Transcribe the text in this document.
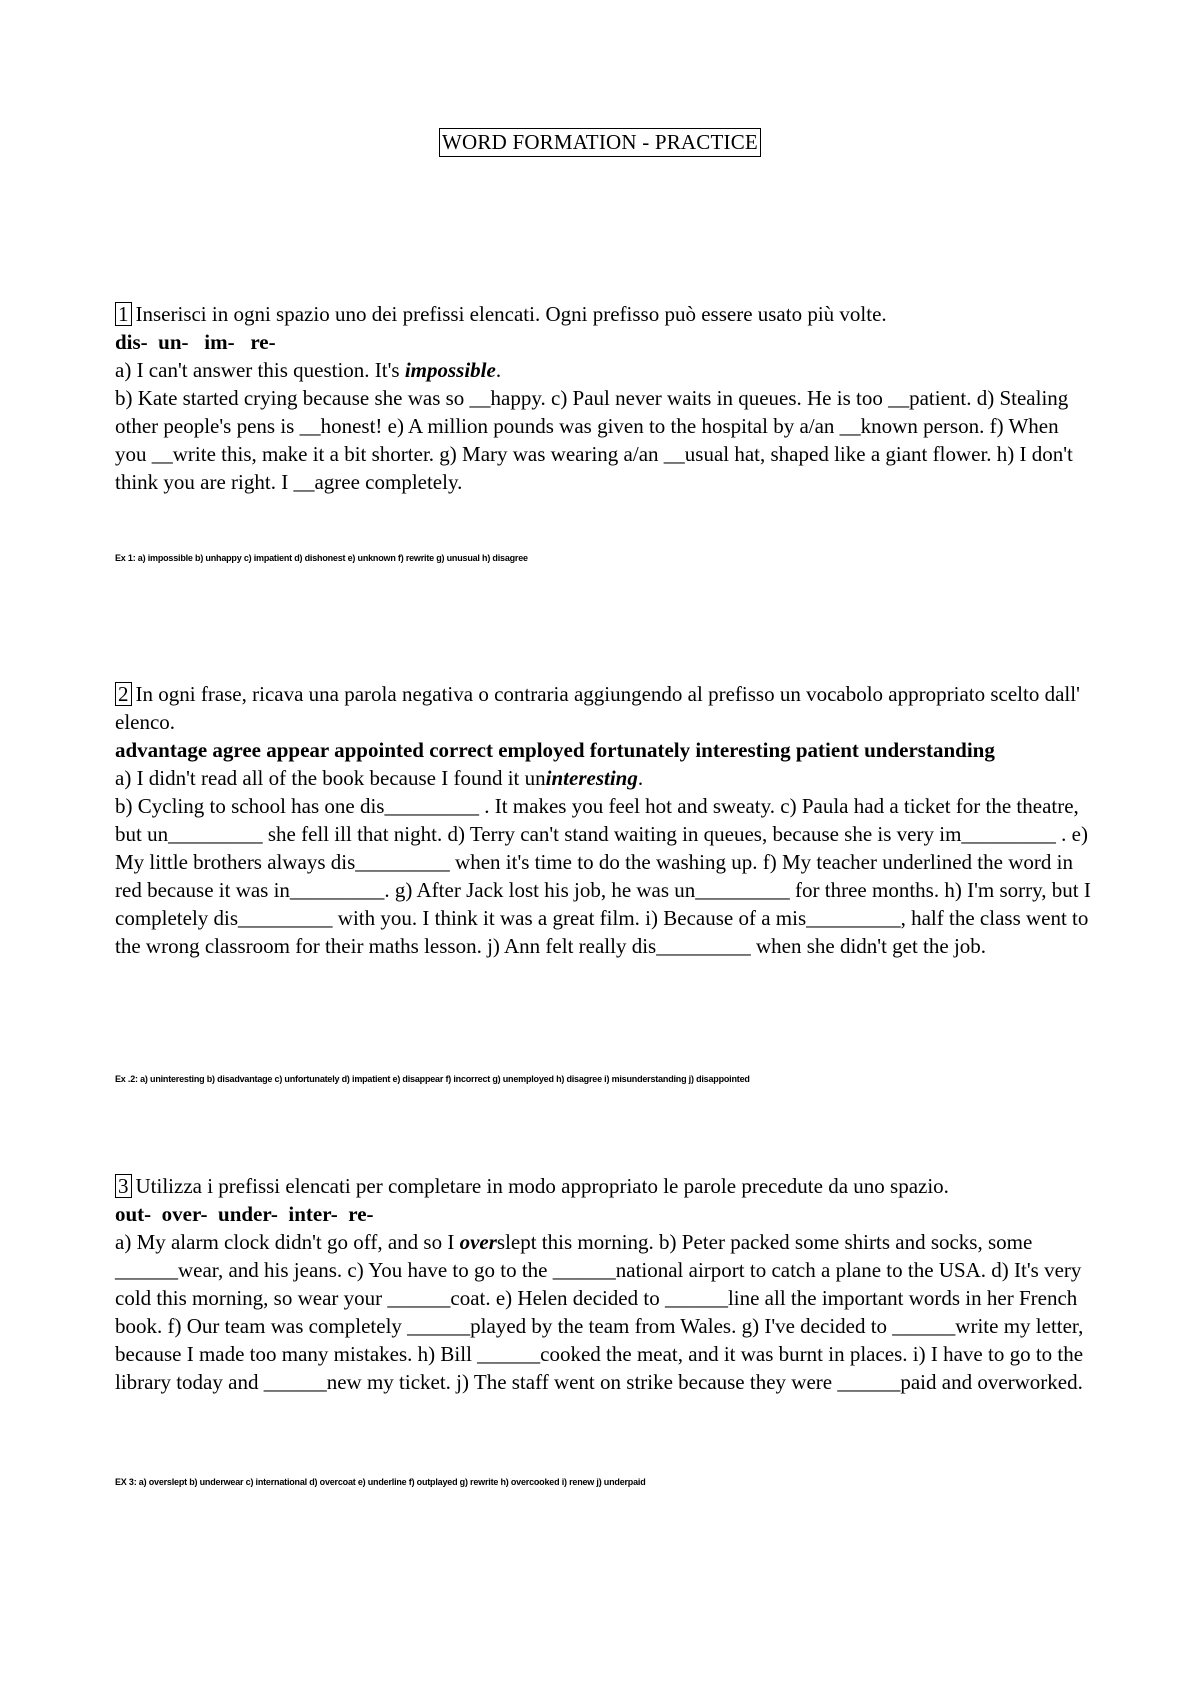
WORD FORMATION - PRACTICE

1 Inserisci in ogni spazio uno dei prefissi elencati. Ogni prefisso può essere usato più volte.

dis-  un-   im-   re-

a) I can't answer this question. It's impossible.

b) Kate started crying because she was so __happy. c) Paul never waits in queues. He is too __patient. d) Stealing other people's pens is __honest! e) A million pounds was given to the hospital by a/an __known person. f) When you __write this, make it a bit shorter. g) Mary was wearing a/an __usual hat, shaped like a giant flower. h) I don't think you are right. I __agree completely.

Ex 1: a) impossible b) unhappy c) impatient d) dishonest e) unknown f) rewrite g) unusual h) disagree

2 In ogni frase, ricava una parola negativa o contraria aggiungendo al prefisso un vocabolo appropriato scelto dall' elenco.

advantage agree appear appointed correct employed fortunately interesting patient understanding

a) I didn't read all of the book because I found it uninteresting.

b) Cycling to school has one dis_________ . It makes you feel hot and sweaty. c) Paula had a ticket for the theatre, but un_________ she fell ill that night. d) Terry can't stand waiting in queues, because she is very im_________ . e) My little brothers always dis_________ when it's time to do the washing up. f) My teacher underlined the word in red because it was in_________. g) After Jack lost his job, he was un_________ for three months. h) I'm sorry, but I completely dis_________ with you. I think it was a great film. i) Because of a mis_________, half the class went to the wrong classroom for their maths lesson. j) Ann felt really dis_________ when she didn't get the job.

Ex .2: a) uninteresting b) disadvantage c) unfortunately d) impatient e) disappear f) incorrect g) unemployed h) disagree i) misunderstanding j) disappointed

3 Utilizza i prefissi elencati per completare in modo appropriato le parole precedute da uno spazio.

out-  over-  under-  inter-  re-

a) My alarm clock didn't go off, and so I overslept this morning. b) Peter packed some shirts and socks, some ______wear, and his jeans. c) You have to go to the ______national airport to catch a plane to the USA. d) It's very cold this morning, so wear your ______coat. e) Helen decided to ______line all the important words in her French book. f) Our team was completely ______played by the team from Wales. g) I've decided to ______write my letter, because I made too many mistakes. h) Bill ______cooked the meat, and it was burnt in places. i) I have to go to the library today and ______new my ticket. j) The staff went on strike because they were ______paid and overworked.

EX 3: a) overslept b) underwear c) international d) overcoat e) underline f) outplayed g) rewrite h) overcooked i) renew j) underpaid
